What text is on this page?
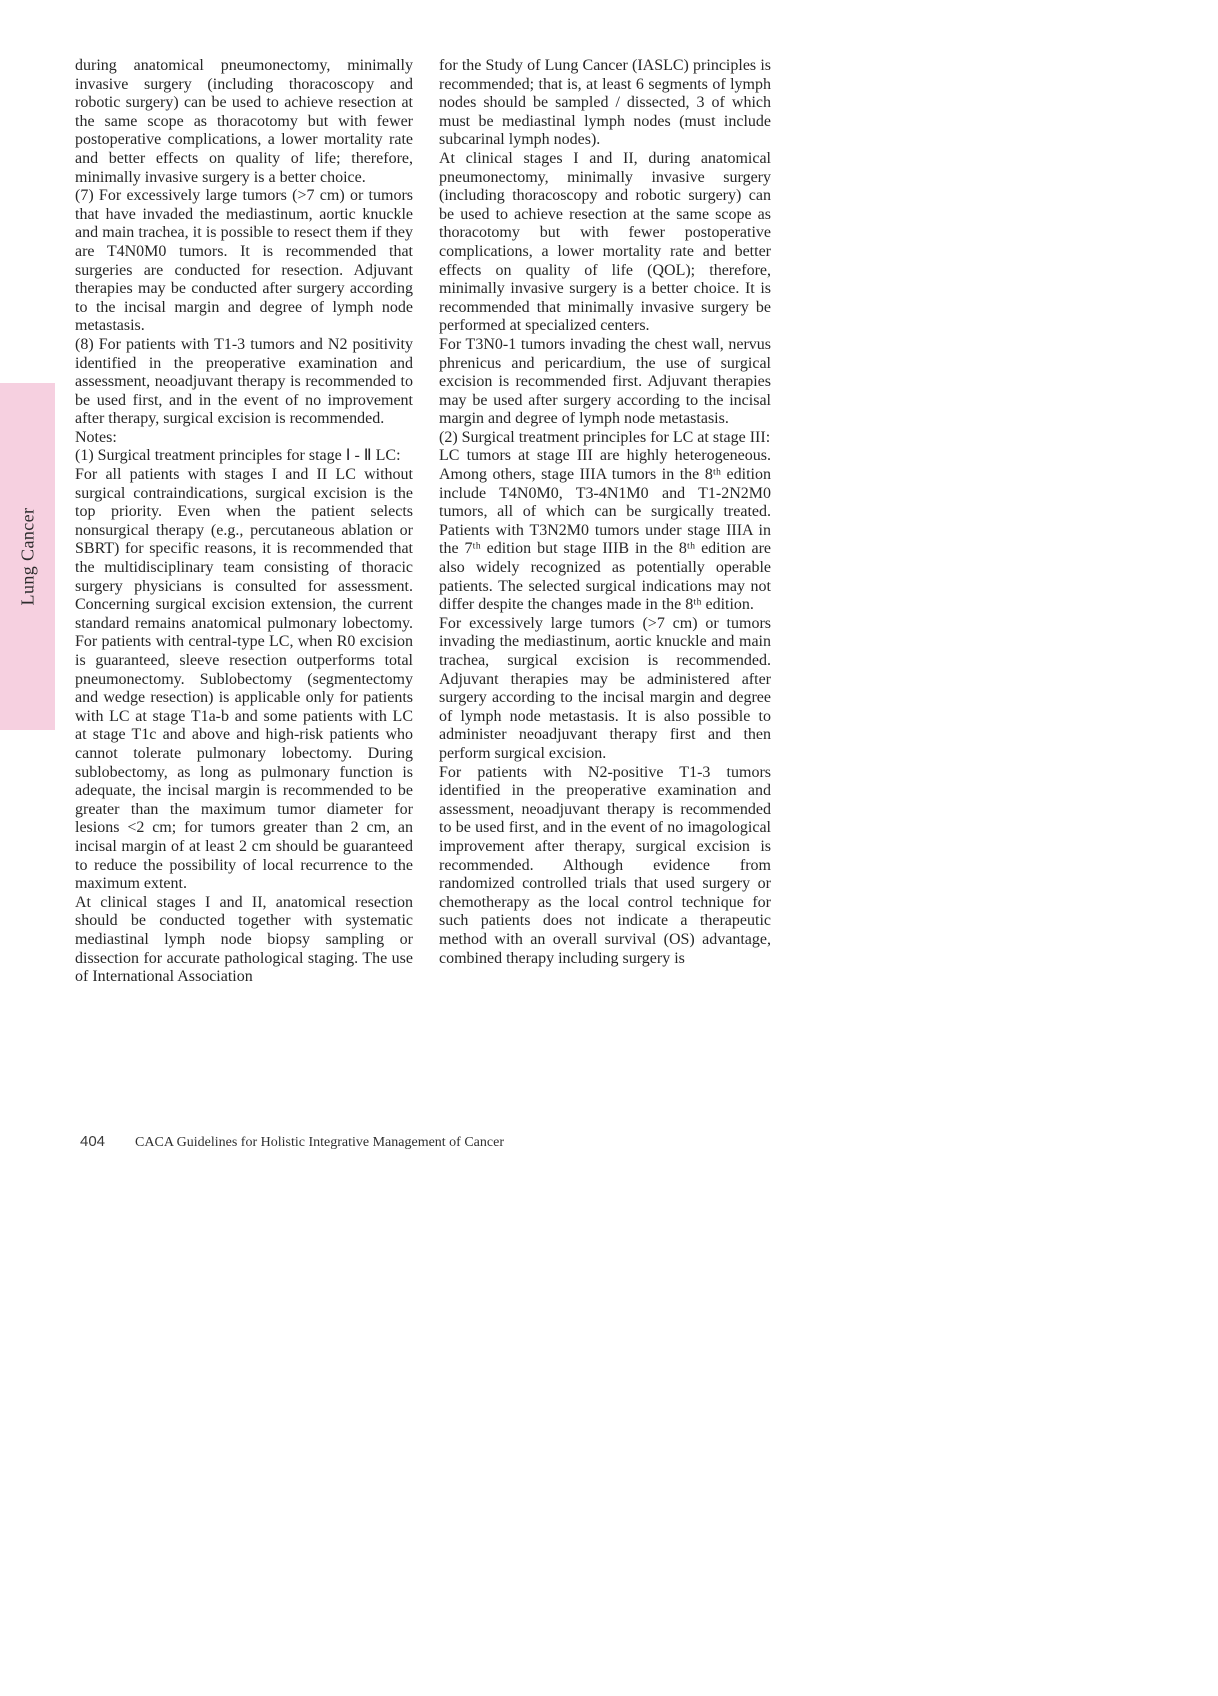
Lung Cancer

during anatomical pneumonectomy, minimally invasive surgery (including thoracoscopy and robotic surgery) can be used to achieve resection at the same scope as thoracotomy but with fewer postoperative complications, a lower mortality rate and better effects on quality of life; therefore, minimally invasive surgery is a better choice.

(7) For excessively large tumors (>7 cm) or tumors that have invaded the mediastinum, aortic knuckle and main trachea, it is possible to resect them if they are T4N0M0 tumors. It is recommended that surgeries are conducted for resection. Adjuvant therapies may be conducted after surgery according to the incisal margin and degree of lymph node metastasis.

(8) For patients with T1-3 tumors and N2 positivity identified in the preoperative examination and assessment, neoadjuvant therapy is recommended to be used first, and in the event of no improvement after therapy, surgical excision is recommended.

Notes:

(1) Surgical treatment principles for stage Ⅰ - Ⅱ LC:

For all patients with stages I and II LC without surgical contraindications, surgical excision is the top priority. Even when the patient selects nonsurgical therapy (e.g., percutaneous ablation or SBRT) for specific reasons, it is recommended that the multidisciplinary team consisting of thoracic surgery physicians is consulted for assessment. Concerning surgical excision extension, the current standard remains anatomical pulmonary lobectomy. For patients with central-type LC, when R0 excision is guaranteed, sleeve resection outperforms total pneumonectomy. Sublobectomy (segmentectomy and wedge resection) is applicable only for patients with LC at stage T1a-b and some patients with LC at stage T1c and above and high-risk patients who cannot tolerate pulmonary lobectomy. During sublobectomy, as long as pulmonary function is adequate, the incisal margin is recommended to be greater than the maximum tumor diameter for lesions <2 cm; for tumors greater than 2 cm, an incisal margin of at least 2 cm should be guaranteed to reduce the possibility of local recurrence to the maximum extent.

At clinical stages I and II, anatomical resection should be conducted together with systematic mediastinal lymph node biopsy sampling or dissection for accurate pathological staging. The use of International Association

for the Study of Lung Cancer (IASLC) principles is recommended; that is, at least 6 segments of lymph nodes should be sampled / dissected, 3 of which must be mediastinal lymph nodes (must include subcarinal lymph nodes).

At clinical stages I and II, during anatomical pneumonectomy, minimally invasive surgery (including thoracoscopy and robotic surgery) can be used to achieve resection at the same scope as thoracotomy but with fewer postoperative complications, a lower mortality rate and better effects on quality of life (QOL); therefore, minimally invasive surgery is a better choice. It is recommended that minimally invasive surgery be performed at specialized centers.

For T3N0-1 tumors invading the chest wall, nervus phrenicus and pericardium, the use of surgical excision is recommended first. Adjuvant therapies may be used after surgery according to the incisal margin and degree of lymph node metastasis.

(2) Surgical treatment principles for LC at stage III:

LC tumors at stage III are highly heterogeneous. Among others, stage IIIA tumors in the 8ᵗʰ edition include T4N0M0, T3-4N1M0 and T1-2N2M0 tumors, all of which can be surgically treated. Patients with T3N2M0 tumors under stage IIIA in the 7ᵗʰ edition but stage IIIB in the 8ᵗʰ edition are also widely recognized as potentially operable patients. The selected surgical indications may not differ despite the changes made in the 8ᵗʰ edition.

For excessively large tumors (>7 cm) or tumors invading the mediastinum, aortic knuckle and main trachea, surgical excision is recommended. Adjuvant therapies may be administered after surgery according to the incisal margin and degree of lymph node metastasis. It is also possible to administer neoadjuvant therapy first and then perform surgical excision.

For patients with N2-positive T1-3 tumors identified in the preoperative examination and assessment, neoadjuvant therapy is recommended to be used first, and in the event of no imagological improvement after therapy, surgical excision is recommended. Although evidence from randomized controlled trials that used surgery or chemotherapy as the local control technique for such patients does not indicate a therapeutic method with an overall survival (OS) advantage, combined therapy including surgery is

404 CACA Guidelines for Holistic Integrative Management of Cancer
